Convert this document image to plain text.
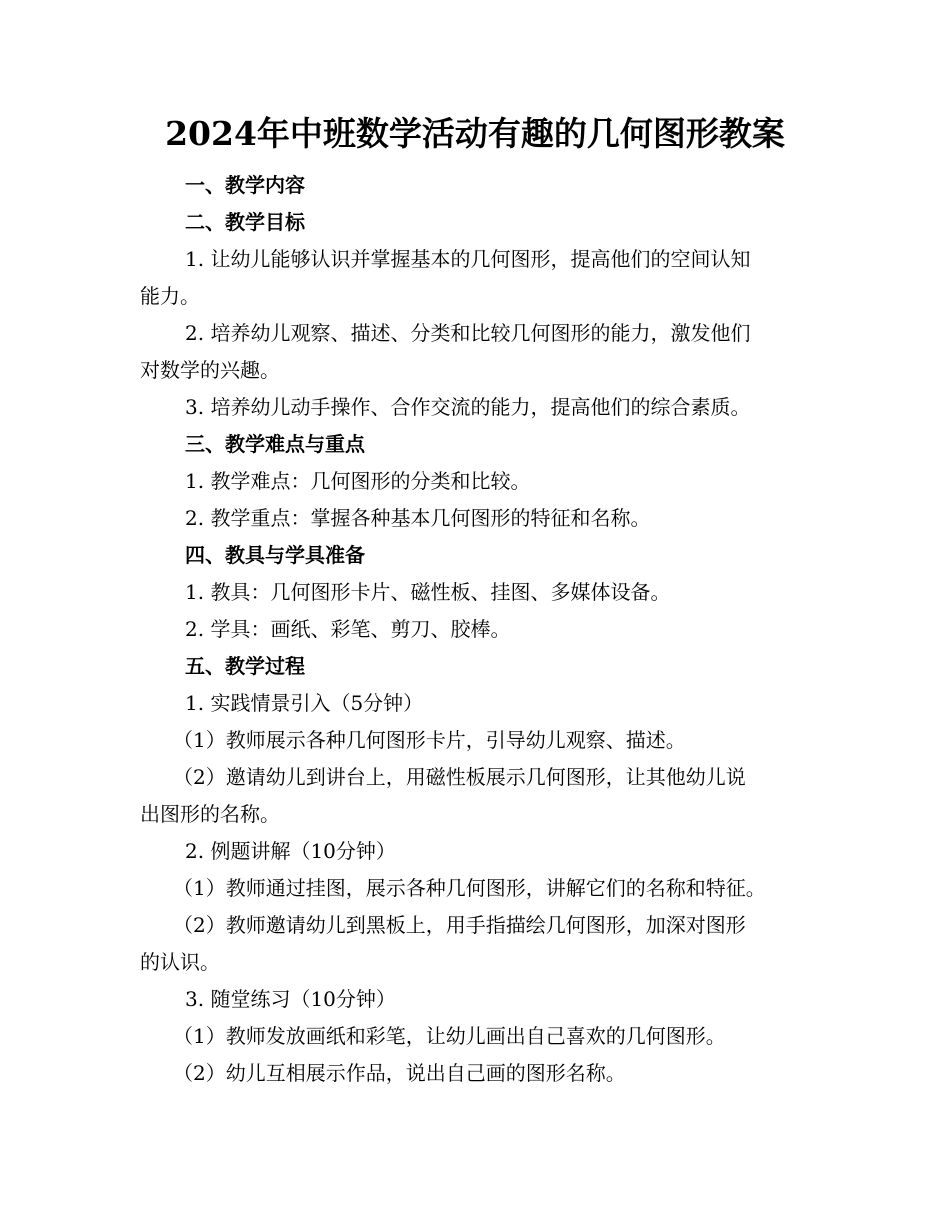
2024年中班数学活动有趣的几何图形教案
一、教学内容
二、教学目标
1. 让幼儿能够认识并掌握基本的几何图形，提高他们的空间认知
能力。
2. 培养幼儿观察、描述、分类和比较几何图形的能力，激发他们
对数学的兴趣。
3. 培养幼儿动手操作、合作交流的能力，提高他们的综合素质。
三、教学难点与重点
1. 教学难点：几何图形的分类和比较。
2. 教学重点：掌握各种基本几何图形的特征和名称。
四、教具与学具准备
1. 教具：几何图形卡片、磁性板、挂图、多媒体设备。
2. 学具：画纸、彩笔、剪刀、胶棒。
五、教学过程
1. 实践情景引入（5分钟）
（1）教师展示各种几何图形卡片，引导幼儿观察、描述。
（2）邀请幼儿到讲台上，用磁性板展示几何图形，让其他幼儿说
出图形的名称。
2. 例题讲解（10分钟）
（1）教师通过挂图，展示各种几何图形，讲解它们的名称和特征。
（2）教师邀请幼儿到黑板上，用手指描绘几何图形，加深对图形
的认识。
3. 随堂练习（10分钟）
（1）教师发放画纸和彩笔，让幼儿画出自己喜欢的几何图形。
（2）幼儿互相展示作品，说出自己画的图形名称。
